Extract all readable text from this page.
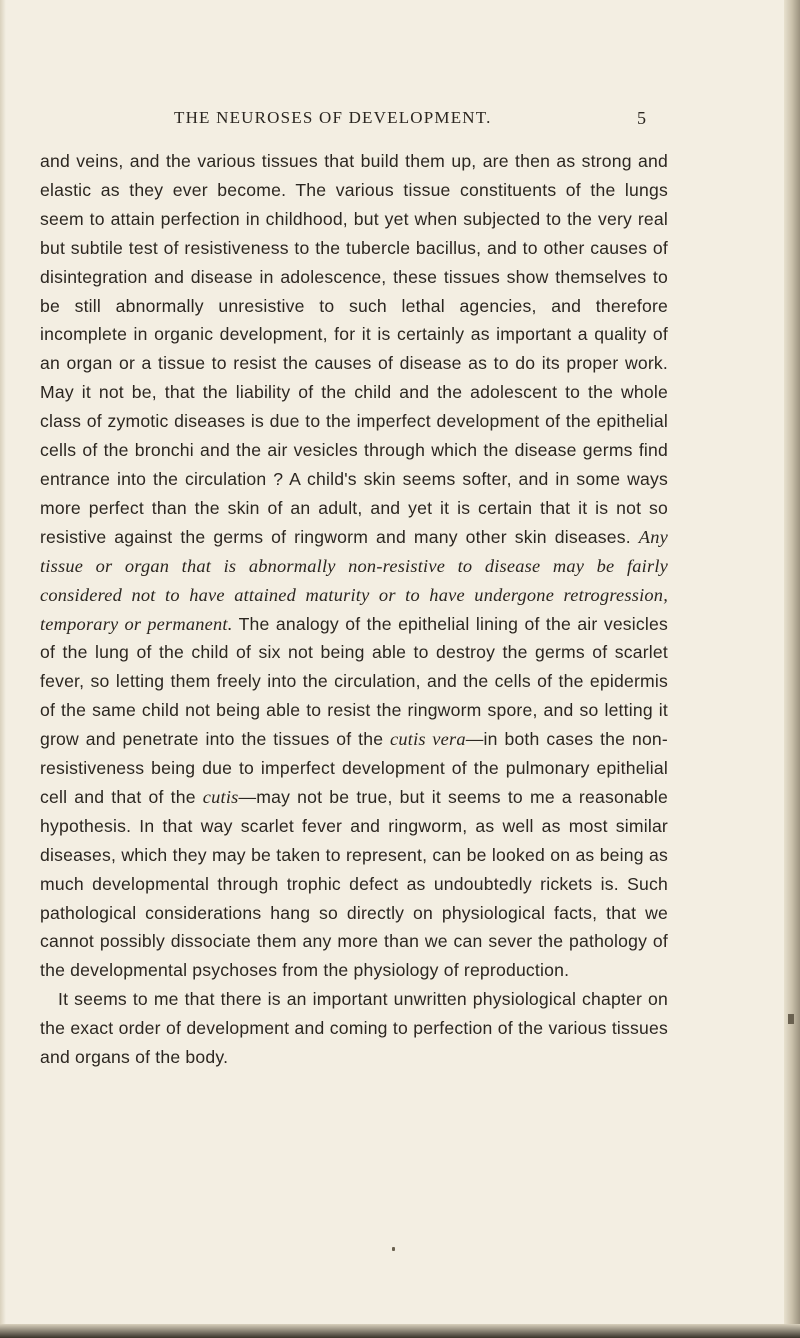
THE NEUROSES OF DEVELOPMENT.	5

and veins, and the various tissues that build them up, are then as strong and elastic as they ever become. The various tissue constituents of the lungs seem to attain perfection in childhood, but yet when subjected to the very real but subtile test of resistiveness to the tubercle bacillus, and to other causes of disintegration and disease in adolescence, these tissues show themselves to be still abnormally unresistive to such lethal agencies, and therefore incomplete in organic development, for it is certainly as important a quality of an organ or a tissue to resist the causes of disease as to do its proper work. May it not be, that the liability of the child and the adolescent to the whole class of zymotic diseases is due to the imperfect development of the epithelial cells of the bronchi and the air vesicles through which the disease germs find entrance into the circulation ? A child's skin seems softer, and in some ways more perfect than the skin of an adult, and yet it is certain that it is not so resistive against the germs of ringworm and many other skin diseases. Any tissue or organ that is abnormally non-resistive to disease may be fairly considered not to have attained maturity or to have undergone retrogression, temporary or permanent. The analogy of the epithelial lining of the air vesicles of the lung of the child of six not being able to destroy the germs of scarlet fever, so letting them freely into the circulation, and the cells of the epidermis of the same child not being able to resist the ringworm spore, and so letting it grow and penetrate into the tissues of the cutis vera—in both cases the non-resistiveness being due to imperfect development of the pulmonary epithelial cell and that of the cutis—may not be true, but it seems to me a reasonable hypothesis. In that way scarlet fever and ringworm, as well as most similar diseases, which they may be taken to represent, can be looked on as being as much developmental through trophic defect as undoubtedly rickets is. Such pathological considerations hang so directly on physiological facts, that we cannot possibly dissociate them any more than we can sever the pathology of the developmental psychoses from the physiology of reproduction.

It seems to me that there is an important unwritten physiological chapter on the exact order of development and coming to perfection of the various tissues and organs of the body.
